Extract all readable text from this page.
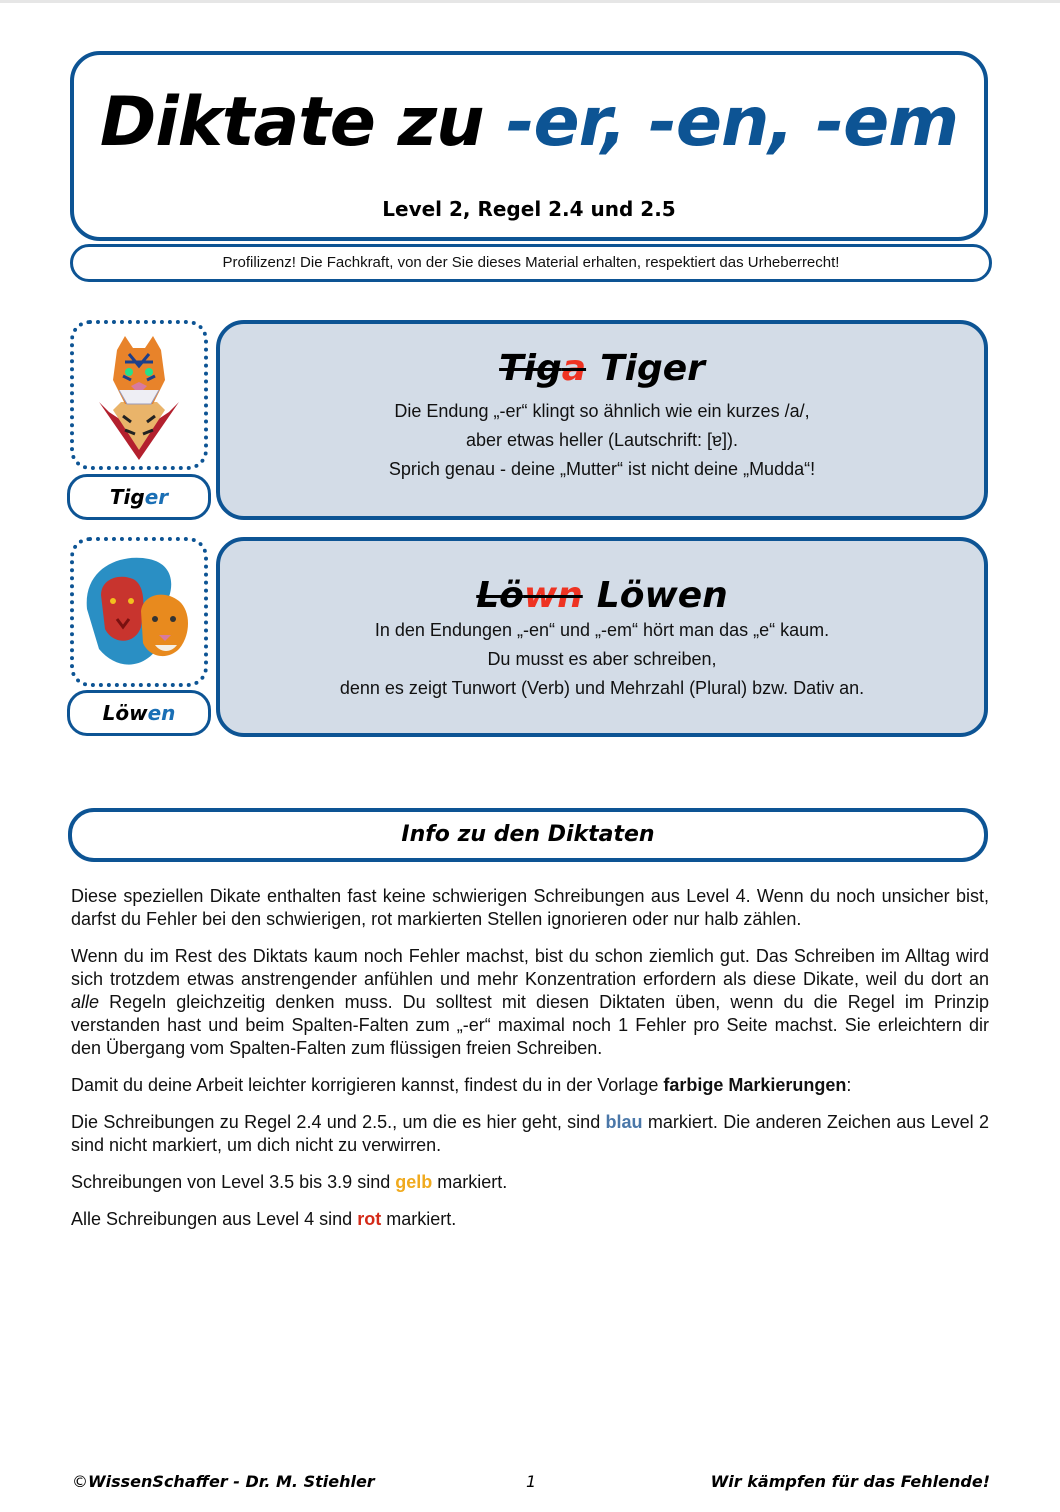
Diktate zu -er, -en, -em
Level 2, Regel 2.4 und 2.5
Profilizenz! Die Fachkraft, von der Sie dieses Material erhalten, respektiert das Urheberrecht!
Tiger
Tiga Tiger
Die Endung „-er“ klingt so ähnlich wie ein kurzes /a/,
aber etwas heller (Lautschrift: [ɐ]).
Sprich genau - deine „Mutter“ ist nicht deine „Mudda“!
Löwen
Löwn Löwen
In den Endungen „-en“ und „-em“ hört man das „e“ kaum.
Du musst es aber schreiben,
denn es zeigt Tunwort (Verb) und Mehrzahl (Plural) bzw. Dativ an.
Info zu den Diktaten

Diese speziellen Dikate enthalten fast keine schwierigen Schreibungen aus Level 4. Wenn du noch unsicher bist, darfst du Fehler bei den schwierigen, rot markierten Stellen ignorieren oder nur halb zählen.

Wenn du im Rest des Diktats kaum noch Fehler machst, bist du schon ziemlich gut. Das Schreiben im Alltag wird sich trotzdem etwas anstrengender anfühlen und mehr Konzentration erfordern als diese Dikate, weil du dort an alle Regeln gleichzeitig denken muss. Du solltest mit diesen Diktaten üben, wenn du die Regel im Prinzip verstanden hast und beim Spalten-Falten zum „-er“ maximal noch 1 Fehler pro Seite machst. Sie erleichtern dir den Übergang vom Spalten-Falten zum flüssigen freien Schreiben.

Damit du deine Arbeit leichter korrigieren kannst, findest du in der Vorlage farbige Markierungen:

Die Schreibungen zu Regel 2.4 und 2.5., um die es hier geht, sind blau markiert. Die anderen Zeichen aus Level 2 sind nicht markiert, um dich nicht zu verwirren.

Schreibungen von Level 3.5 bis 3.9 sind gelb markiert.

Alle Schreibungen aus Level 4 sind rot markiert.

©WissenSchaffer - Dr. M. Stiehler	1	Wir kämpfen für das Fehlende!
